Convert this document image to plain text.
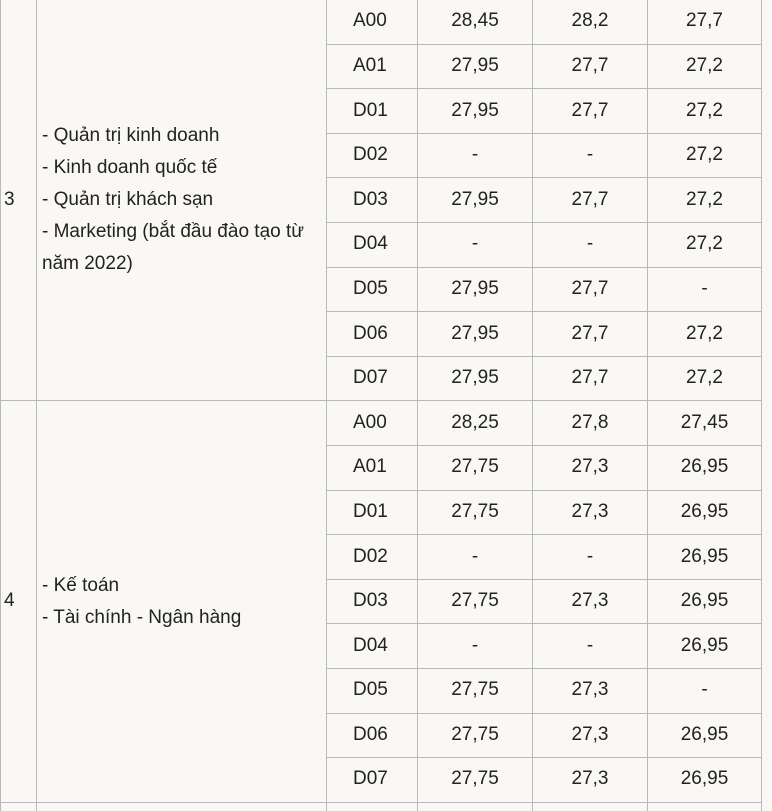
3	- Quản trị kinh doanh
- Kinh doanh quốc tế
- Quản trị khách sạn
- Marketing (bắt đầu đào tạo từ năm 2022)	A00	28,45	28,2	27,7
		A01	27,95	27,7	27,2
		D01	27,95	27,7	27,2
		D02	-	-	27,2
		D03	27,95	27,7	27,2
		D04	-	-	27,2
		D05	27,95	27,7	-
		D06	27,95	27,7	27,2
		D07	27,95	27,7	27,2
4	- Kế toán
- Tài chính - Ngân hàng	A00	28,25	27,8	27,45
		A01	27,75	27,3	26,95
		D01	27,75	27,3	26,95
		D02	-	-	26,95
		D03	27,75	27,3	26,95
		D04	-	-	26,95
		D05	27,75	27,3	-
		D06	27,75	27,3	26,95
		D07	27,75	27,3	26,95
